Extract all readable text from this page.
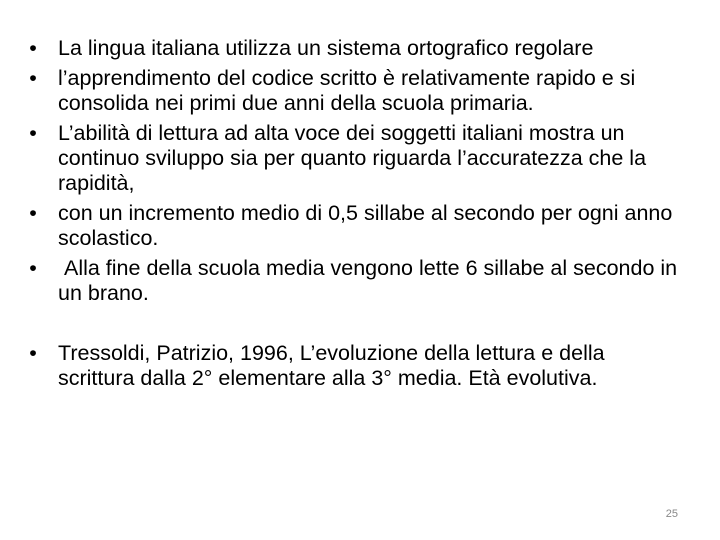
• La lingua italiana utilizza un sistema ortografico regolare
• l’apprendimento del codice scritto è relativamente rapido e si consolida nei primi due anni della scuola primaria.
• L’abilità di lettura ad alta voce dei soggetti italiani mostra un continuo sviluppo sia per quanto riguarda l’accuratezza che la rapidità,
• con un incremento medio di 0,5 sillabe al secondo per ogni anno scolastico.
• Alla fine della scuola media vengono lette 6 sillabe al secondo in un brano.
• Tressoldi, Patrizio, 1996, L’evoluzione della lettura e della scrittura dalla 2° elementare alla 3° media. Età evolutiva.
25
